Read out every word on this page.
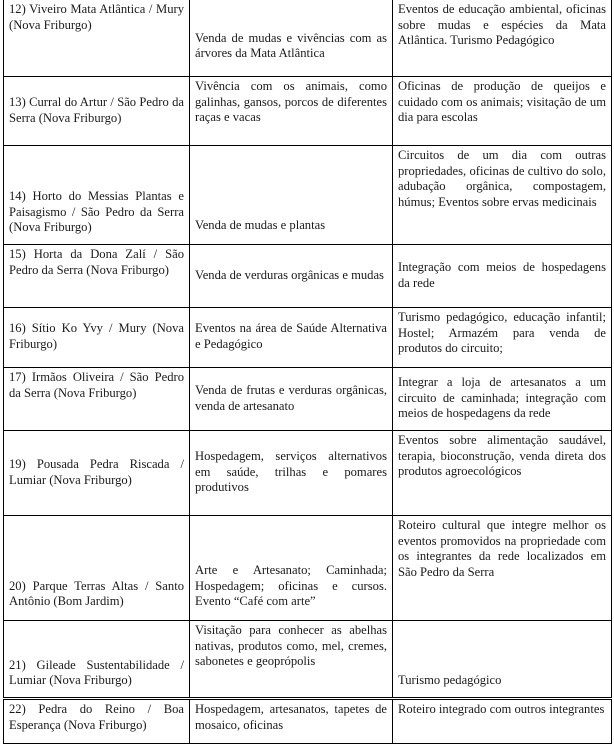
12) Viveiro Mata Atlântica / Mury (Nova Friburgo)	Venda de mudas e vivências com as árvores da Mata Atlântica	Eventos de educação ambiental, oficinas sobre mudas e espécies da Mata Atlântica. Turismo Pedagógico

13) Curral do Artur / São Pedro da Serra (Nova Friburgo)	Vivência com os animais, como galinhas, gansos, porcos de diferentes raças e vacas	Oficinas de produção de queijos e cuidado com os animais; visitação de um dia para escolas

14) Horto do Messias Plantas e Paisagismo / São Pedro da Serra (Nova Friburgo)	Venda de mudas e plantas	Circuitos de um dia com outras propriedades, oficinas de cultivo do solo, adubação orgânica, compostagem, húmus; Eventos sobre ervas medicinais

15) Horta da Dona Zalí / São Pedro da Serra (Nova Friburgo)	Venda de verduras orgânicas e mudas	Integração com meios de hospedagens da rede

16) Sítio Ko Yvy / Mury (Nova Friburgo)	Eventos na área de Saúde Alternativa e Pedagógico	Turismo pedagógico, educação infantil; Hostel; Armazém para venda de produtos do circuito;

17) Irmãos Oliveira / São Pedro da Serra (Nova Friburgo)	Venda de frutas e verduras orgânicas, venda de artesanato	Integrar a loja de artesanatos a um circuito de caminhada; integração com meios de hospedagens da rede

19) Pousada Pedra Riscada / Lumiar (Nova Friburgo)	Hospedagem, serviços alternativos em saúde, trilhas e pomares produtivos	Eventos sobre alimentação saudável, terapia, bioconstrução, venda direta dos produtos agroecológicos

20) Parque Terras Altas / Santo Antônio (Bom Jardim)	Arte e Artesanato; Caminhada; Hospedagem; oficinas e cursos. Evento “Café com arte”	Roteiro cultural que integre melhor os eventos promovidos na propriedade com os integrantes da rede localizados em São Pedro da Serra

21) Gileade Sustentabilidade / Lumiar (Nova Friburgo)	Visitação para conhecer as abelhas nativas, produtos como, mel, cremes, sabonetes e geoprópolis	Turismo pedagógico

22) Pedra do Reino / Boa Esperança (Nova Friburgo)	Hospedagem, artesanatos, tapetes de mosaico, oficinas	Roteiro integrado com outros integrantes
